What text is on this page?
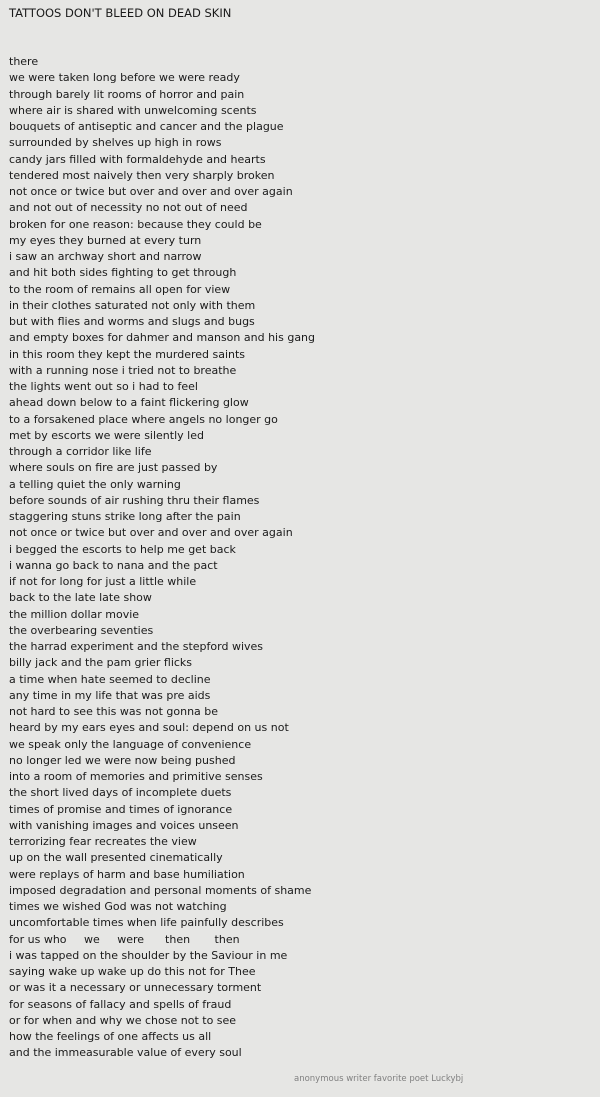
TATTOOS DON'T BLEED ON DEAD SKIN
there
we were taken long before we were ready
through barely lit rooms of horror and pain
where air is shared with unwelcoming scents
bouquets of antiseptic and cancer and the plague
surrounded by shelves up high in rows
candy jars filled with formaldehyde and hearts
tendered most naively then very sharply broken
not once or twice but over and over and over again
and not out of necessity no not out of need
broken for one reason: because they could be
my eyes they burned at every turn
i saw an archway short and narrow
and hit both sides fighting to get through
to the room of remains all open for view
in their clothes saturated not only with them
but with flies and worms and slugs and bugs
and empty boxes for dahmer and manson and his gang
in this room they kept the murdered saints
with a running nose i tried not to breathe
the lights went out so i had to feel
ahead down below to a faint flickering glow
to a forsakened place where angels no longer go
met by escorts we were silently led
through a corridor like life
where souls on fire are just passed by
a telling quiet the only warning
before sounds of air rushing thru their flames
staggering stuns strike long after the pain
not once or twice but over and over and over again
i begged the escorts to help me get back
i wanna go back to nana and the pact
if not for long for just a little while
back to the late late show
the million dollar movie
the overbearing seventies
the harrad experiment and the stepford wives
billy jack and the pam grier flicks
a time when hate seemed to decline
any time in my life that was pre aids
not hard to see this was not gonna be
heard by my ears eyes and soul: depend on us not
we speak only the language of convenience
no longer led we were now being pushed
into a room of memories and primitive senses
the short lived days of incomplete duets
times of promise and times of ignorance
with vanishing images and voices unseen
terrorizing fear recreates the view
up on the wall presented cinematically
were replays of harm and base humiliation
imposed degradation and personal moments of shame
times we wished God was not watching
uncomfortable times when life painfully describes
for us who     we     were      then       then
i was tapped on the shoulder by the Saviour in me
saying wake up wake up do this not for Thee
or was it a necessary or unnecessary torment
for seasons of fallacy and spells of fraud
or for when and why we chose not to see
how the feelings of one affects us all
and the immeasurable value of every soul
anonymous writer favorite poet Luckybj
